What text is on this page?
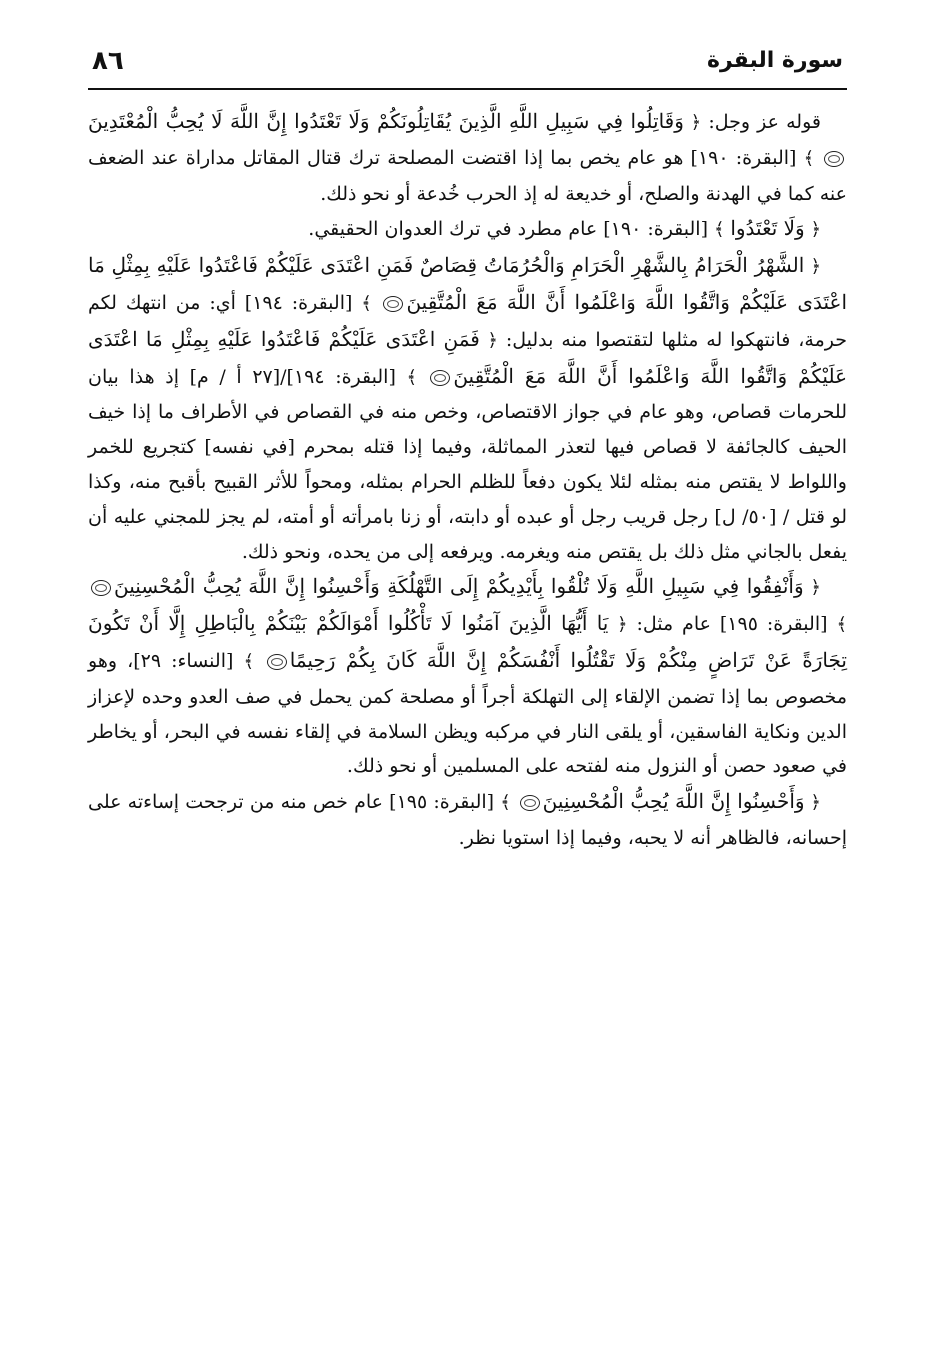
٨٦	سورة البقرة

قوله عز وجل: ﴿ وَقَاتِلُوا فِي سَبِيلِ اللَّهِ الَّذِينَ يُقَاتِلُونَكُمْ وَلَا تَعْتَدُوا إِنَّ اللَّهَ لَا يُحِبُّ الْمُعْتَدِينَ ﴾ [البقرة: ١٩٠] هو عام يخص بما إذا اقتضت المصلحة ترك قتال المقاتل مداراة عند الضعف عنه كما في الهدنة والصلح، أو خديعة له إذ الحرب خُدعة أو نحو ذلك.

﴿ وَلَا تَعْتَدُوا ﴾ [البقرة: ١٩٠] عام مطرد في ترك العدوان الحقيقي.

﴿ الشَّهْرُ الْحَرَامُ بِالشَّهْرِ الْحَرَامِ وَالْحُرُمَاتُ قِصَاصٌ فَمَنِ اعْتَدَى عَلَيْكُمْ فَاعْتَدُوا عَلَيْهِ بِمِثْلِ مَا اعْتَدَى عَلَيْكُمْ وَاتَّقُوا اللَّهَ وَاعْلَمُوا أَنَّ اللَّهَ مَعَ الْمُتَّقِينَ ﴾ [البقرة: ١٩٤] أي: من انتهك لكم حرمة، فانتهكوا له مثلها لتقتصوا منه بدليل: ﴿ فَمَنِ اعْتَدَى عَلَيْكُمْ فَاعْتَدُوا عَلَيْهِ بِمِثْلِ مَا اعْتَدَى عَلَيْكُمْ وَاتَّقُوا اللَّهَ وَاعْلَمُوا أَنَّ اللَّهَ مَعَ الْمُتَّقِينَ ﴾ [البقرة: ١٩٤]/[٢٧ أ / م] إذ هذا بيان للحرمات قصاص، وهو عام في جواز الاقتصاص، وخص منه في القصاص في الأطراف ما إذا خيف الحيف كالجائفة لا قصاص فيها لتعذر المماثلة، وفيما إذا قتله بمحرم [في نفسه] كتجريع للخمر واللواط لا يقتص منه بمثله لئلا يكون دفعاً للظلم الحرام بمثله، ومحواً للأثر القبيح بأقبح منه، وكذا لو قتل / [٥٠/ ل] رجل قريب رجل أو عبده أو دابته، أو زنا بامرأته أو أمته، لم يجز للمجني عليه أن يفعل بالجاني مثل ذلك بل يقتص منه ويغرمه. ويرفعه إلى من يحده، ونحو ذلك.

﴿ وَأَنْفِقُوا فِي سَبِيلِ اللَّهِ وَلَا تُلْقُوا بِأَيْدِيكُمْ إِلَى التَّهْلُكَةِ وَأَحْسِنُوا إِنَّ اللَّهَ يُحِبُّ الْمُحْسِنِينَ ﴾ [البقرة: ١٩٥] عام مثل: ﴿ يَا أَيُّهَا الَّذِينَ آمَنُوا لَا تَأْكُلُوا أَمْوَالَكُمْ بَيْنَكُمْ بِالْبَاطِلِ إِلَّا أَنْ تَكُونَ تِجَارَةً عَنْ تَرَاضٍ مِنْكُمْ وَلَا تَقْتُلُوا أَنْفُسَكُمْ إِنَّ اللَّهَ كَانَ بِكُمْ رَحِيمًا ﴾ [النساء: ٢٩]، وهو مخصوص بما إذا تضمن الإلقاء إلى التهلكة أجراً أو مصلحة كمن يحمل في صف العدو وحده لإعزاز الدين ونكاية الفاسقين، أو يلقى النار في مركبه ويظن السلامة في إلقاء نفسه في البحر، أو يخاطر في صعود حصن أو النزول منه لفتحه على المسلمين أو نحو ذلك.

﴿ وَأَحْسِنُوا إِنَّ اللَّهَ يُحِبُّ الْمُحْسِنِينَ ﴾ [البقرة: ١٩٥] عام خص منه من ترجحت إساءته على إحسانه، فالظاهر أنه لا يحبه، وفيما إذا استويا نظر.
